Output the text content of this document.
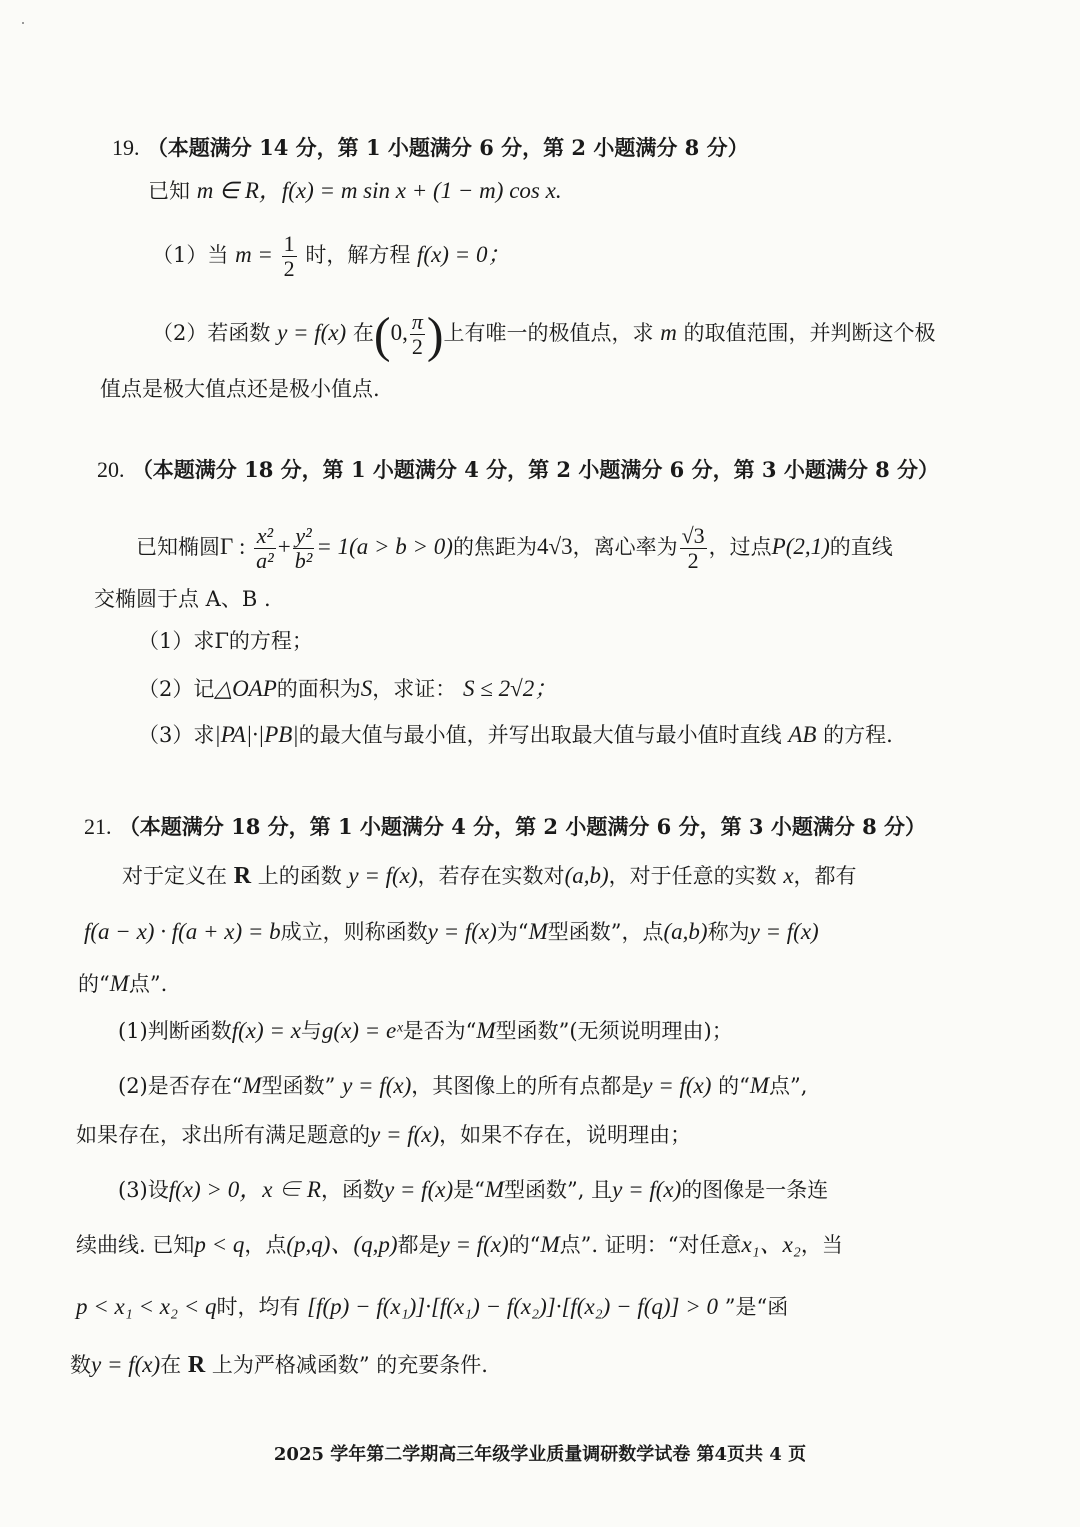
19. （本题满分 14 分，第 1 小题满分 6 分，第 2 小题满分 8 分）
已知 m ∈ R，f(x) = m sin x + (1 − m) cos x.
（1）当 $m = \frac{1}{2}$ 时，解方程 f(x) = 0；
（2）若函数 y = f(x) 在(0, $\frac{\pi}{2}$ )上有唯一的极值点，求 m 的取值范围，并判断这个极
值点是极大值点还是极小值点.
20. （本题满分 18 分，第 1 小题满分 4 分，第 2 小题满分 6 分，第 3 小题满分 8 分）
已知椭圆Γ : $\frac{\text{x²}}{\text{a²}} + \frac{\text{y²}}{\text{b²}} = 1(a > b > 0)$的焦距为4√3，离心率为 $\frac{√3}{2}$ ，过点P(2,1)的直线
交椭圆于点 A、B .
（1）求Γ的方程；
（2）记△OAP的面积为S，求证： S ≤ 2√2；
（3）求|PA|·|PB|的最大值与最小值，并写出取最大值与最小值时直线 AB 的方程.
21. （本题满分 18 分，第 1 小题满分 4 分，第 2 小题满分 6 分，第 3 小题满分 8 分）
对于定义在 R 上的函数 y = f(x)，若存在实数对(a,b)，对于任意的实数 x，都有
f(a − x) · f(a + x) = b成立，则称函数y = f(x)为“M型函数”，点(a,b)称为y = f(x)
的“M点”.
(1)判断函数f(x) = x与g(x) = eˣ是否为“M型函数”(无须说明理由)；
(2)是否存在“M型函数” y = f(x)，其图像上的所有点都是y = f(x) 的“M点”,
如果存在，求出所有满足题意的y = f(x)，如果不存在，说明理由；
(3)设f(x) > 0，x ∈ R，函数y = f(x)是“M型函数”, 且y = f(x)的图像是一条连
续曲线. 已知p < q，点(p,q)、(q,p)都是y = f(x)的“M点”. 证明：“对任意x₁、x₂，当
p < x₁ < x₂ < q时，均有 [f(p) − f(x₁)]·[f(x₁) − f(x₂)]·[f(x₂) − f(q)] > 0 ”是“函
数y = f(x)在 R 上为严格减函数” 的充要条件.
2025 学年第二学期高三年级学业质量调研数学试卷 第4页共 4 页
